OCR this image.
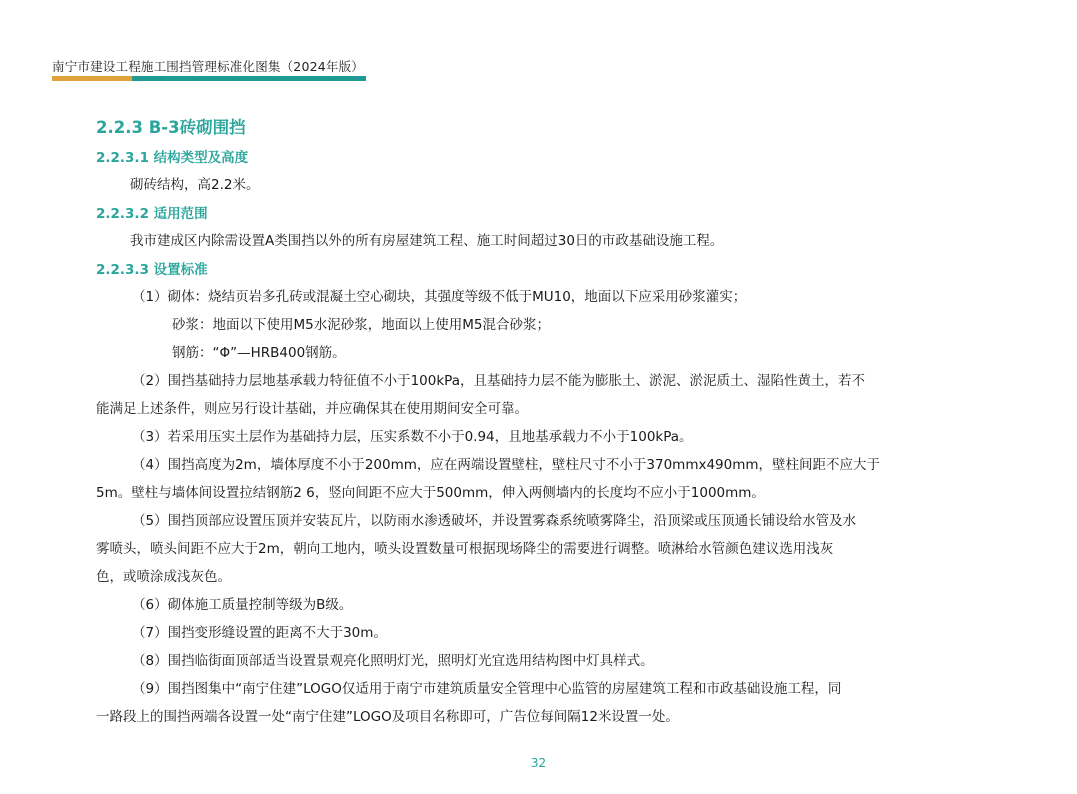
南宁市建设工程施工围挡管理标准化图集（2024年版）
2.2.3 B-3砖砌围挡
2.2.3.1 结构类型及高度
砌砖结构，高2.2米。
2.2.3.2 适用范围
我市建成区内除需设置A类围挡以外的所有房屋建筑工程、施工时间超过30日的市政基础设施工程。
2.2.3.3 设置标准
（1）砌体：烧结页岩多孔砖或混凝土空心砌块，其强度等级不低于MU10，地面以下应采用砂浆灌实；
砂浆：地面以下使用M5水泥砂浆，地面以上使用M5混合砂浆；
钢筋：“Φ”—HRB400钢筋。
（2）围挡基础持力层地基承载力特征值不小于100kPa，且基础持力层不能为膨胀土、淤泥、淤泥质土、湿陷性黄土，若不
能满足上述条件，则应另行设计基础，并应确保其在使用期间安全可靠。
（3）若采用压实土层作为基础持力层，压实系数不小于0.94，且地基承载力不小于100kPa。
（4）围挡高度为2m，墙体厚度不小于200mm，应在两端设置壁柱，壁柱尺寸不小于370mmx490mm，壁柱间距不应大于
5m。壁柱与墙体间设置拉结钢筋2 6，竖向间距不应大于500mm，伸入两侧墙内的长度均不应小于1000mm。
（5）围挡顶部应设置压顶并安装瓦片，以防雨水渗透破坏，并设置雾森系统喷雾降尘，沿顶梁或压顶通长铺设给水管及水
雾喷头，喷头间距不应大于2m，朝向工地内，喷头设置数量可根据现场降尘的需要进行调整。喷淋给水管颜色建议选用浅灰
色，或喷涂成浅灰色。
（6）砌体施工质量控制等级为B级。
（7）围挡变形缝设置的距离不大于30m。
（8）围挡临街面顶部适当设置景观亮化照明灯光，照明灯光宜选用结构图中灯具样式。
（9）围挡图集中“南宁住建”LOGO仅适用于南宁市建筑质量安全管理中心监管的房屋建筑工程和市政基础设施工程，同
一路段上的围挡两端各设置一处“南宁住建”LOGO及项目名称即可，广告位每间隔12米设置一处。
32
